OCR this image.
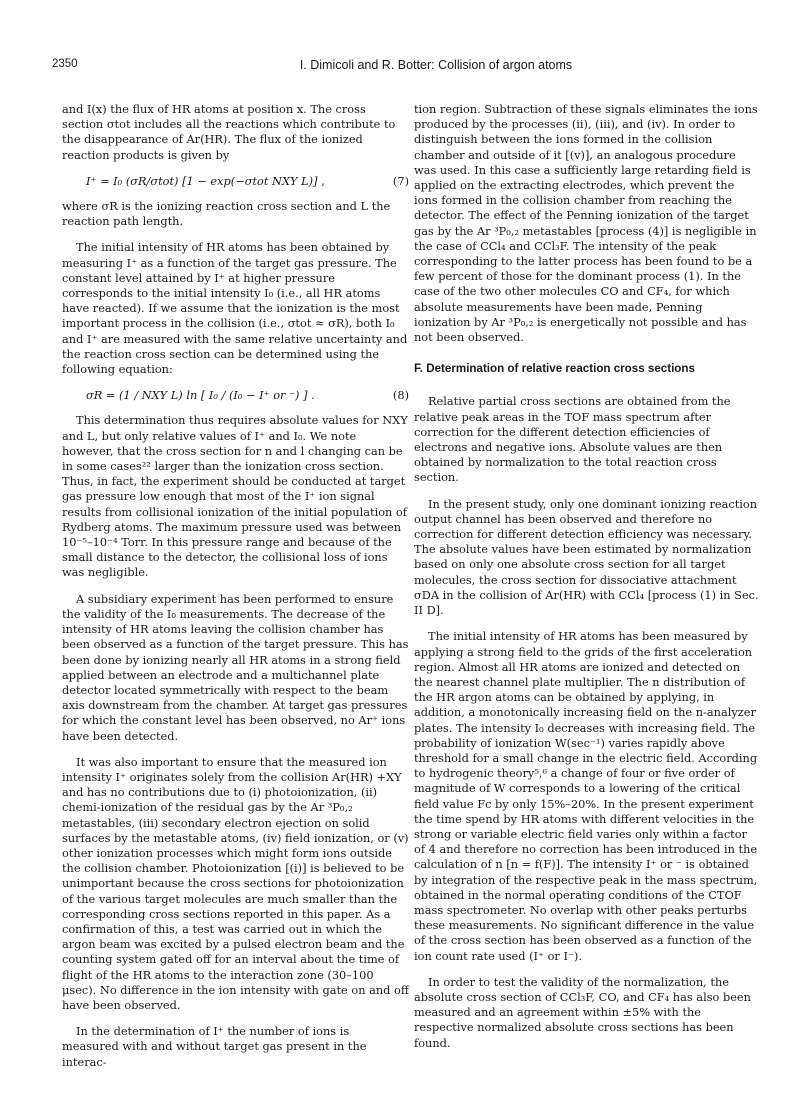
2350	I. Dimicoli and R. Botter: Collision of argon atoms

and I(x) the flux of HR atoms at position x. The cross section σtot includes all the reactions which contribute to the disappearance of Ar(HR). The flux of the ionized reaction products is given by

I⁺ = I₀ (σR/σtot) [1 − exp(−σtot NXY L)] ,	(7)

where σR is the ionizing reaction cross section and L the reaction path length.

The initial intensity of HR atoms has been obtained by measuring I⁺ as a function of the target gas pressure. The constant level attained by I⁺ at higher pressure corresponds to the initial intensity I₀ (i.e., all HR atoms have reacted). If we assume that the ionization is the most important process in the collision (i.e., σtot ≈ σR), both I₀ and I⁺ are measured with the same relative uncertainty and the reaction cross section can be determined using the following equation:

σR = (1 / NXY L) ln [ I₀ / (I₀ − I⁺ or ⁻) ] .	(8)

This determination thus requires absolute values for NXY and L, but only relative values of I⁺ and I₀. We note however, that the cross section for n and l changing can be in some cases²² larger than the ionization cross section. Thus, in fact, the experiment should be conducted at target gas pressure low enough that most of the I⁺ ion signal results from collisional ionization of the initial population of Rydberg atoms. The maximum pressure used was between 10⁻⁵–10⁻⁴ Torr. In this pressure range and because of the small distance to the detector, the collisional loss of ions was negligible.

A subsidiary experiment has been performed to ensure the validity of the I₀ measurements. The decrease of the intensity of HR atoms leaving the collision chamber has been observed as a function of the target pressure. This has been done by ionizing nearly all HR atoms in a strong field applied between an electrode and a multichannel plate detector located symmetrically with respect to the beam axis downstream from the chamber. At target gas pressures for which the constant level has been observed, no Ar⁺ ions have been detected.

It was also important to ensure that the measured ion intensity I⁺ originates solely from the collision Ar(HR) +XY and has no contributions due to (i) photoionization, (ii) chemi-ionization of the residual gas by the Ar ³P₀,₂ metastables, (iii) secondary electron ejection on solid surfaces by the metastable atoms, (iv) field ionization, or (v) other ionization processes which might form ions outside the collision chamber. Photoionization [(i)] is believed to be unimportant because the cross sections for photoionization of the various target molecules are much smaller than the corresponding cross sections reported in this paper. As a confirmation of this, a test was carried out in which the argon beam was excited by a pulsed electron beam and the counting system gated off for an interval about the time of flight of the HR atoms to the interaction zone (30–100 μsec). No difference in the ion intensity with gate on and off have been observed.

In the determination of I⁺ the number of ions is measured with and without target gas present in the interac-

tion region. Subtraction of these signals eliminates the ions produced by the processes (ii), (iii), and (iv). In order to distinguish between the ions formed in the collision chamber and outside of it [(v)], an analogous procedure was used. In this case a sufficiently large retarding field is applied on the extracting electrodes, which prevent the ions formed in the collision chamber from reaching the detector. The effect of the Penning ionization of the target gas by the Ar ³P₀,₂ metastables [process (4)] is negligible in the case of CCl₄ and CCl₃F. The intensity of the peak corresponding to the latter process has been found to be a few percent of those for the dominant process (1). In the case of the two other molecules CO and CF₄, for which absolute measurements have been made, Penning ionization by Ar ³P₀,₂ is energetically not possible and has not been observed.

F. Determination of relative reaction cross sections

Relative partial cross sections are obtained from the relative peak areas in the TOF mass spectrum after correction for the different detection efficiencies of electrons and negative ions. Absolute values are then obtained by normalization to the total reaction cross section.

In the present study, only one dominant ionizing reaction output channel has been observed and therefore no correction for different detection efficiency was necessary. The absolute values have been estimated by normalization based on only one absolute cross section for all target molecules, the cross section for dissociative attachment σDA in the collision of Ar(HR) with CCl₄ [process (1) in Sec. II D].

The initial intensity of HR atoms has been measured by applying a strong field to the grids of the first acceleration region. Almost all HR atoms are ionized and detected on the nearest channel plate multiplier. The n distribution of the HR argon atoms can be obtained by applying, in addition, a monotonically increasing field on the n-analyzer plates. The intensity I₀ decreases with increasing field. The probability of ionization W(sec⁻¹) varies rapidly above threshold for a small change in the electric field. According to hydrogenic theory⁵,⁶ a change of four or five order of magnitude of W corresponds to a lowering of the critical field value Fc by only 15%–20%. In the present experiment the time spend by HR atoms with different velocities in the strong or variable electric field varies only within a factor of 4 and therefore no correction has been introduced in the calculation of n [n = f(F)]. The intensity I⁺ or ⁻ is obtained by integration of the respective peak in the mass spectrum, obtained in the normal operating conditions of the CTOF mass spectrometer. No overlap with other peaks perturbs these measurements. No significant difference in the value of the cross section has been observed as a function of the ion count rate used (I⁺ or I⁻).

In order to test the validity of the normalization, the absolute cross section of CCl₃F, CO, and CF₄ has also been measured and an agreement within ±5% with the respective normalized absolute cross sections has been found.
